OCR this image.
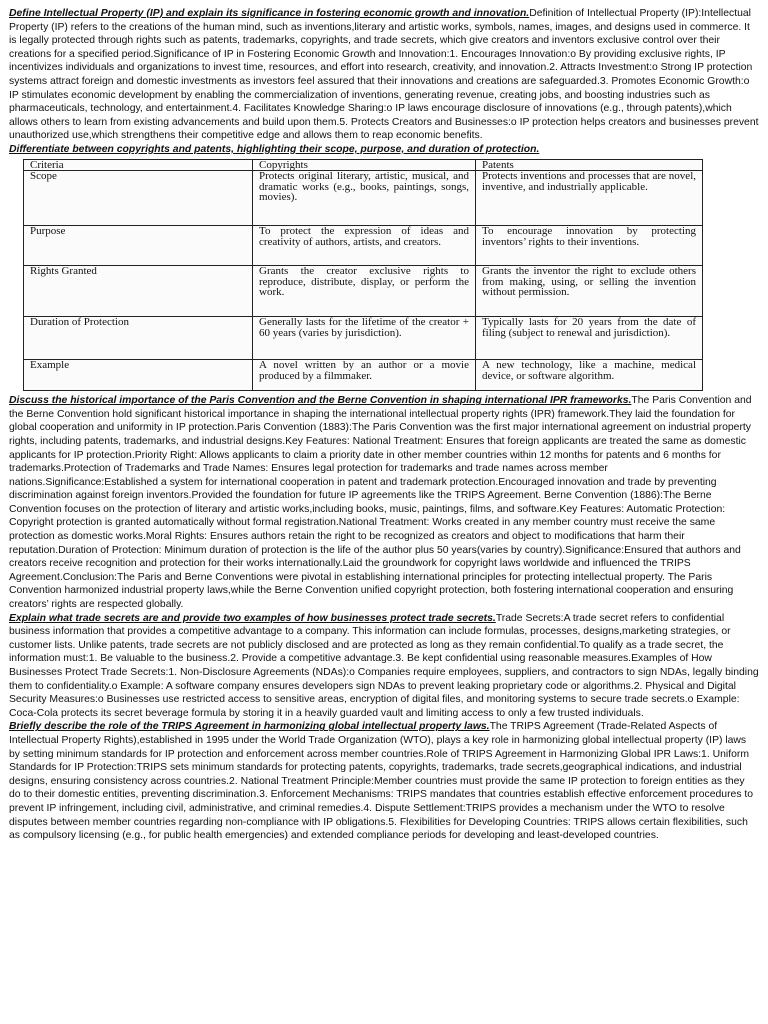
Define Intellectual Property (IP) and explain its significance in fostering economic growth and innovation.Definition of Intellectual Property (IP):Intellectual Property (IP) refers to the creations of the human mind, such as inventions,literary and artistic works, symbols, names, images, and designs used in commerce. It is legally protected through rights such as patents, trademarks, copyrights, and trade secrets, which give creators and inventors exclusive control over their creations for a specified period.Significance of IP in Fostering Economic Growth and Innovation:1. Encourages Innovation:o By providing exclusive rights, IP incentivizes individuals and organizations to invest time, resources, and effort into research, creativity, and innovation.2. Attracts Investment:o Strong IP protection systems attract foreign and domestic investments as investors feel assured that their innovations and creations are safeguarded.3. Promotes Economic Growth:o IP stimulates economic development by enabling the commercialization of inventions, generating revenue, creating jobs, and boosting industries such as pharmaceuticals, technology, and entertainment.4. Facilitates Knowledge Sharing:o IP laws encourage disclosure of innovations (e.g., through patents),which allows others to learn from existing advancements and build upon them.5. Protects Creators and Businesses:o IP protection helps creators and businesses prevent unauthorized use,which strengthens their competitive edge and allows them to reap economic benefits.

Differentiate between copyrights and patents, highlighting their scope, purpose, and duration of protection.

Criteria	Copyrights	Patents
Scope	Protects original literary, artistic, musical, and dramatic works (e.g., books, paintings, songs, movies).	Protects inventions and processes that are novel, inventive, and industrially applicable.
Purpose	To protect the expression of ideas and creativity of authors, artists, and creators.	To encourage innovation by protecting inventors’ rights to their inventions.
Rights Granted	Grants the creator exclusive rights to reproduce, distribute, display, or perform the work.	Grants the inventor the right to exclude others from making, using, or selling the invention without permission.
Duration of Protection	Generally lasts for the lifetime of the creator + 60 years (varies by jurisdiction).	Typically lasts for 20 years from the date of filing (subject to renewal and jurisdiction).
Example	A novel written by an author or a movie produced by a filmmaker.	A new technology, like a machine, medical device, or software algorithm.

Discuss the historical importance of the Paris Convention and the Berne Convention in shaping international IPR frameworks.The Paris Convention and the Berne Convention hold significant historical importance in shaping the international intellectual property rights (IPR) framework.They laid the foundation for global cooperation and uniformity in IP protection.Paris Convention (1883):The Paris Convention was the first major international agreement on industrial property rights, including patents, trademarks, and industrial designs.Key Features: National Treatment: Ensures that foreign applicants are treated the same as domestic applicants for IP protection.Priority Right: Allows applicants to claim a priority date in other member countries within 12 months for patents and 6 months for trademarks.Protection of Trademarks and Trade Names: Ensures legal protection for trademarks and trade names across member nations.Significance:Established a system for international cooperation in patent and trademark protection.Encouraged innovation and trade by preventing discrimination against foreign inventors.Provided the foundation for future IP agreements like the TRIPS Agreement. Berne Convention (1886):The Berne Convention focuses on the protection of literary and artistic works,including books, music, paintings, films, and software.Key Features: Automatic Protection: Copyright protection is granted automatically without formal registration.National Treatment: Works created in any member country must receive the same protection as domestic works.Moral Rights: Ensures authors retain the right to be recognized as creators and object to modifications that harm their reputation.Duration of Protection: Minimum duration of protection is the life of the author plus 50 years(varies by country).Significance:Ensured that authors and creators receive recognition and protection for their works internationally.Laid the groundwork for copyright laws worldwide and influenced the TRIPS Agreement.Conclusion:The Paris and Berne Conventions were pivotal in establishing international principles for protecting intellectual property. The Paris Convention harmonized industrial property laws,while the Berne Convention unified copyright protection, both fostering international cooperation and ensuring creators’ rights are respected globally.

Explain what trade secrets are and provide two examples of how businesses protect trade secrets.Trade Secrets:A trade secret refers to confidential business information that provides a competitive advantage to a company. This information can include formulas, processes, designs,marketing strategies, or customer lists. Unlike patents, trade secrets are not publicly disclosed and are protected as long as they remain confidential.To qualify as a trade secret, the information must:1. Be valuable to the business.2. Provide a competitive advantage.3. Be kept confidential using reasonable measures.Examples of How Businesses Protect Trade Secrets:1. Non-Disclosure Agreements (NDAs):o Companies require employees, suppliers, and contractors to sign NDAs, legally binding them to confidentiality.o Example: A software company ensures developers sign NDAs to prevent leaking proprietary code or algorithms.2. Physical and Digital Security Measures:o Businesses use restricted access to sensitive areas, encryption of digital files, and monitoring systems to secure trade secrets.o Example: Coca-Cola protects its secret beverage formula by storing it in a heavily guarded vault and limiting access to only a few trusted individuals.

Briefly describe the role of the TRIPS Agreement in harmonizing global intellectual property laws.The TRIPS Agreement (Trade-Related Aspects of Intellectual Property Rights),established in 1995 under the World Trade Organization (WTO), plays a key role in harmonizing global intellectual property (IP) laws by setting minimum standards for IP protection and enforcement across member countries.Role of TRIPS Agreement in Harmonizing Global IPR Laws:1. Uniform Standards for IP Protection:TRIPS sets minimum standards for protecting patents, copyrights, trademarks, trade secrets,geographical indications, and industrial designs, ensuring consistency across countries.2. National Treatment Principle:Member countries must provide the same IP protection to foreign entities as they do to their domestic entities, preventing discrimination.3. Enforcement Mechanisms: TRIPS mandates that countries establish effective enforcement procedures to prevent IP infringement, including civil, administrative, and criminal remedies.4. Dispute Settlement:TRIPS provides a mechanism under the WTO to resolve disputes between member countries regarding non-compliance with IP obligations.5. Flexibilities for Developing Countries: TRIPS allows certain flexibilities, such as compulsory licensing (e.g., for public health emergencies) and extended compliance periods for developing and least-developed countries.
